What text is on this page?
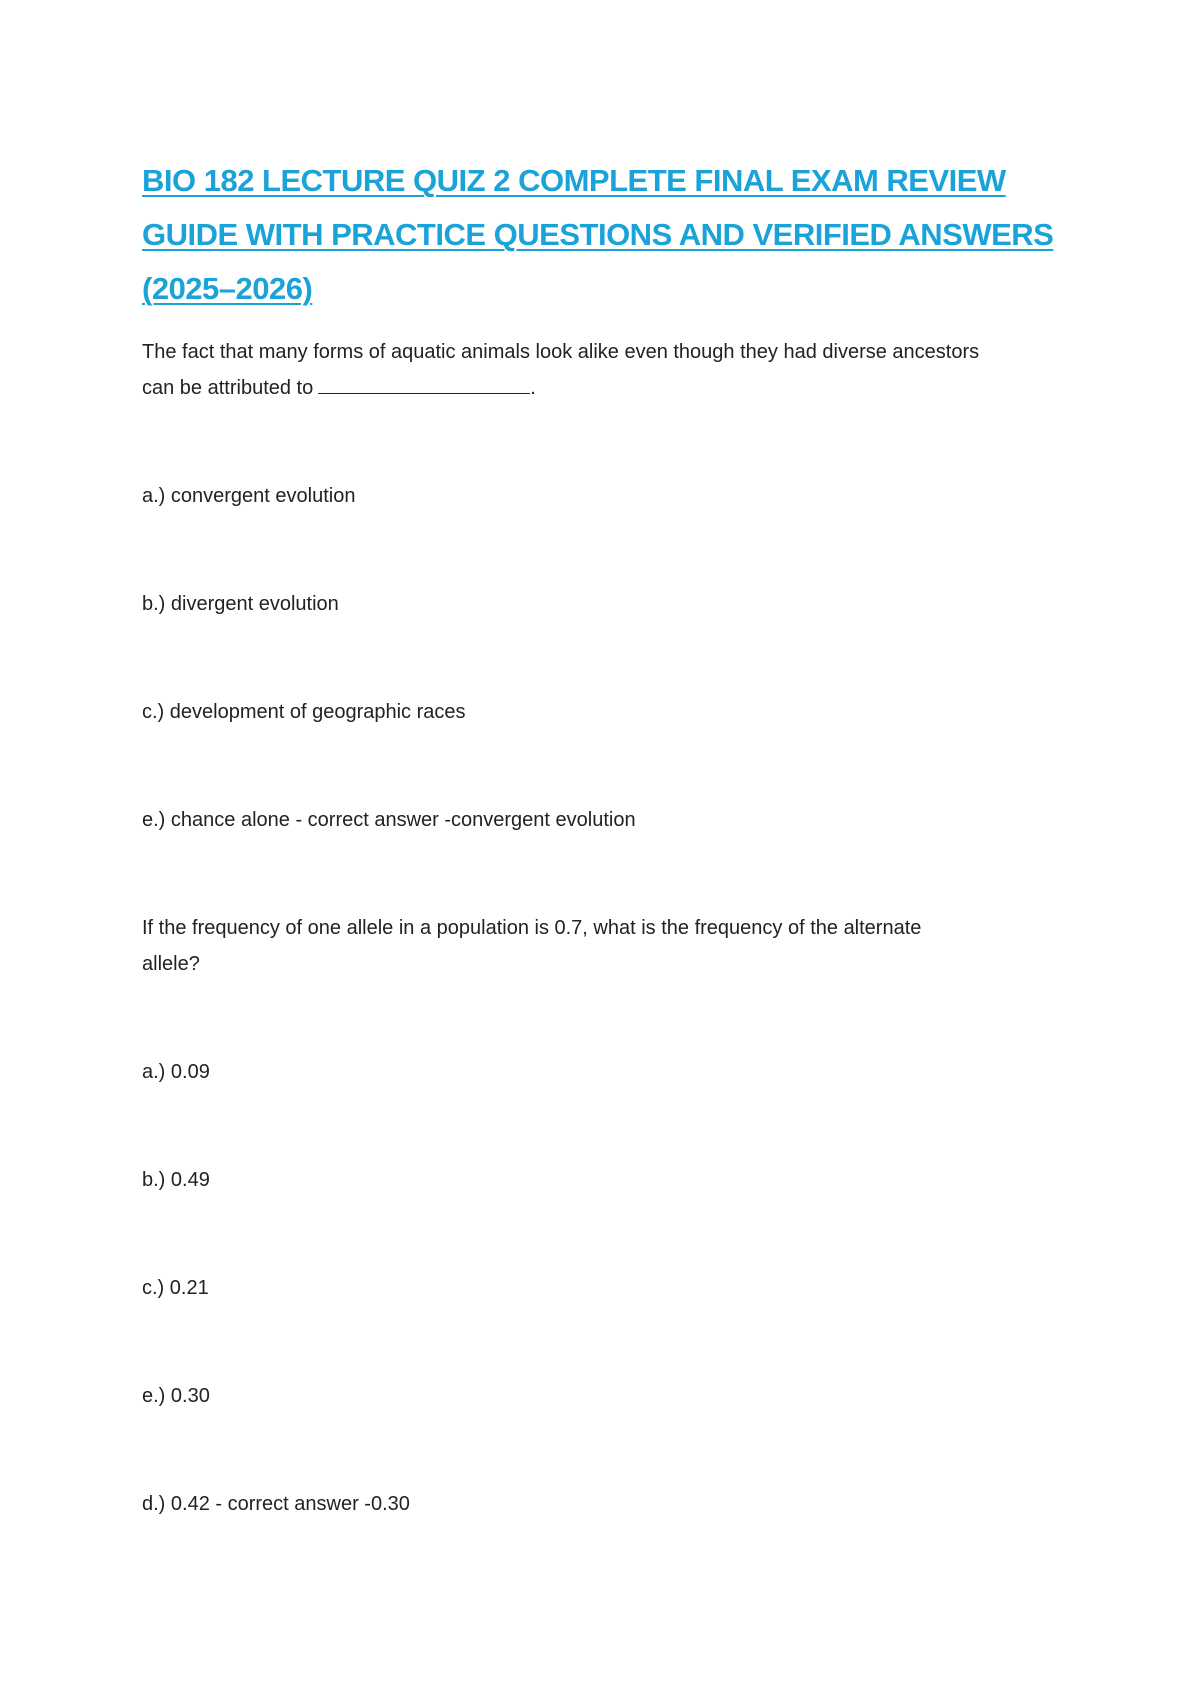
BIO 182 LECTURE QUIZ 2 COMPLETE FINAL EXAM REVIEW
GUIDE WITH PRACTICE QUESTIONS AND VERIFIED ANSWERS
(2025–2026)

The fact that many forms of aquatic animals look alike even though they had diverse ancestors
can be attributed to	.

a.) convergent evolution

b.) divergent evolution

c.) development of geographic races

e.) chance alone - correct answer -convergent evolution

If the frequency of one allele in a population is 0.7, what is the frequency of the alternate
allele?

a.) 0.09

b.) 0.49

c.) 0.21

e.) 0.30

d.) 0.42 - correct answer -0.30
